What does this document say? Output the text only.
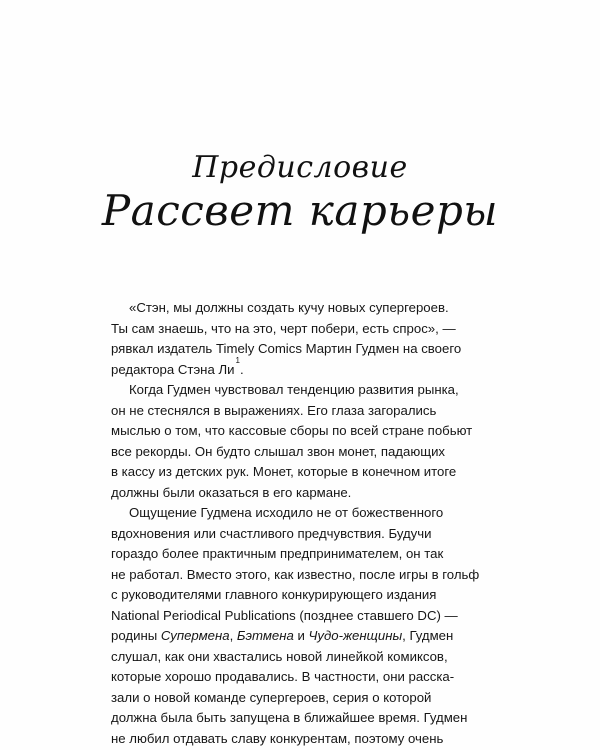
Предисловие
Рассвет карьеры
«Стэн, мы должны создать кучу новых супергероев.
Ты сам знаешь, что на это, черт побери, есть спрос», —
рявкал издатель Timely Comics Мартин Гудмен на своего
редактора Стэна Ли$^1$.
Когда Гудмен чувствовал тенденцию развития рынка,
он не стеснялся в выражениях. Его глаза загорались
мыслью о том, что кассовые сборы по всей стране побьют
все рекорды. Он будто слышал звон монет, падающих
в кассу из детских рук. Монет, которые в конечном итоге
должны были оказаться в его кармане.
Ощущение Гудмена исходило не от божественного
вдохновения или счастливого предчувствия. Будучи
гораздо более практичным предпринимателем, он так
не работал. Вместо этого, как известно, после игры в гольф
с руководителями главного конкурирующего издания
National Periodical Publications (позднее ставшего DC) —
родины Супермена, Бэтмена и Чудо-женщины, Гудмен
слушал, как они хвастались новой линейкой комиксов,
которые хорошо продавались. В частности, они расска-
зали о новой команде супергероев, серия о которой
должна была быть запущена в ближайшее время. Гудмен
не любил отдавать славу конкурентам, поэтому очень
